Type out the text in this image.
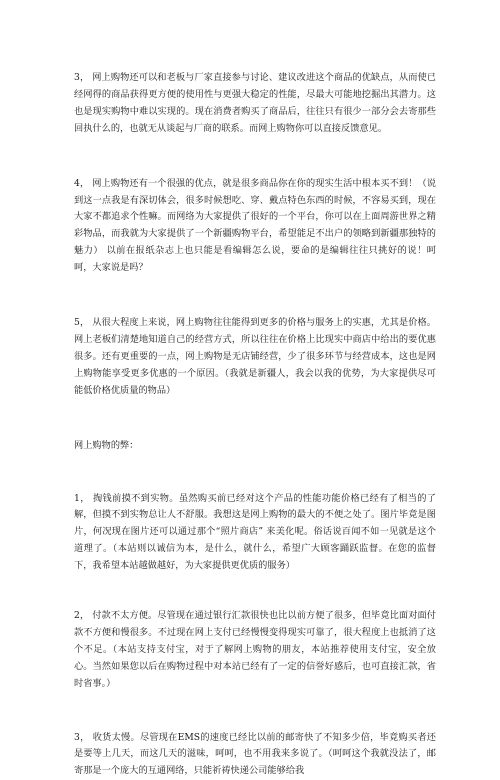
3， 网上购物还可以和老板与厂家直接参与讨论、建议改进这个商品的优缺点，从而使已经网得的商品获得更方便的使用性与更强大稳定的性能，尽最大可能地挖掘出其潜力。这也是现实购物中难以实现的。现在消费者购买了商品后，往往只有很少一部分会去寄那些回执什么的，也就无从谈起与厂商的联系。而网上购物你可以直接反馈意见。

4， 网上购物还有一个很强的优点，就是很多商品你在你的现实生活中根本买不到！（说到这一点我是有深切体会，很多时候想吃、穿、戴点特色东西的时候，不容易买到，现在大家不都追求个性嘛。而网络为大家提供了很好的一个平台，你可以在上面周游世界之精彩物品，而我就为大家提供了一个新疆购物平台，希望能足不出户的领略到新疆那独特的魅力） 以前在报纸杂志上也只能是看编辑怎么说，要命的是编辑往往只挑好的说！呵呵，大家说是吗？

5， 从很大程度上来说，网上购物往往能得到更多的价格与服务上的实惠，尤其是价格。网上老板们清楚地知道自己的经营方式，所以往往在价格上比现实中商店中给出的要优惠很多。还有更重要的一点，网上购物是无店铺经营，少了很多环节与经营成本，这也是网上购物能享受更多优惠的一个原因。（我就是新疆人，我会以我的优势，为大家提供尽可能低价格优质量的物品）

网上购物的弊：

1， 掏钱前摸不到实物。虽然购买前已经对这个产品的性能功能价格已经有了相当的了解，但摸不到实物总让人不舒服。我想这是网上购物的最大的不便之处了。图片毕竟是图片，何况现在图片还可以通过那个“照片商店” 来美化呢。俗话说百闻不如一见就是这个道理了。（本站则以诚信为本，是什么，就什么，希望广大顾客踊跃监督。在您的监督下，我希望本站越做越好，为大家提供更优质的服务）

2， 付款不太方便。尽管现在通过银行汇款很快也比以前方便了很多，但毕竟比面对面付款不方便和慢很多。不过现在网上支付已经慢慢变得现实可靠了，很大程度上也抵消了这个不足。（本站支持支付宝，对于了解网上购物的朋友，本站推荐使用支付宝，安全放心。当然如果您以后在购物过程中对本站已经有了一定的信誉好感后，也可直接汇款，省时省事。）

3， 收货太慢。尽管现在EMS的速度已经比以前的邮寄快了不知多少倍，毕竟购买者还是要等上几天，而这几天的滋味，呵呵，也不用我来多说了。（呵呵这个我就没法了，邮寄那是一个庞大的互通网络，只能祈祷快递公司能够给我
